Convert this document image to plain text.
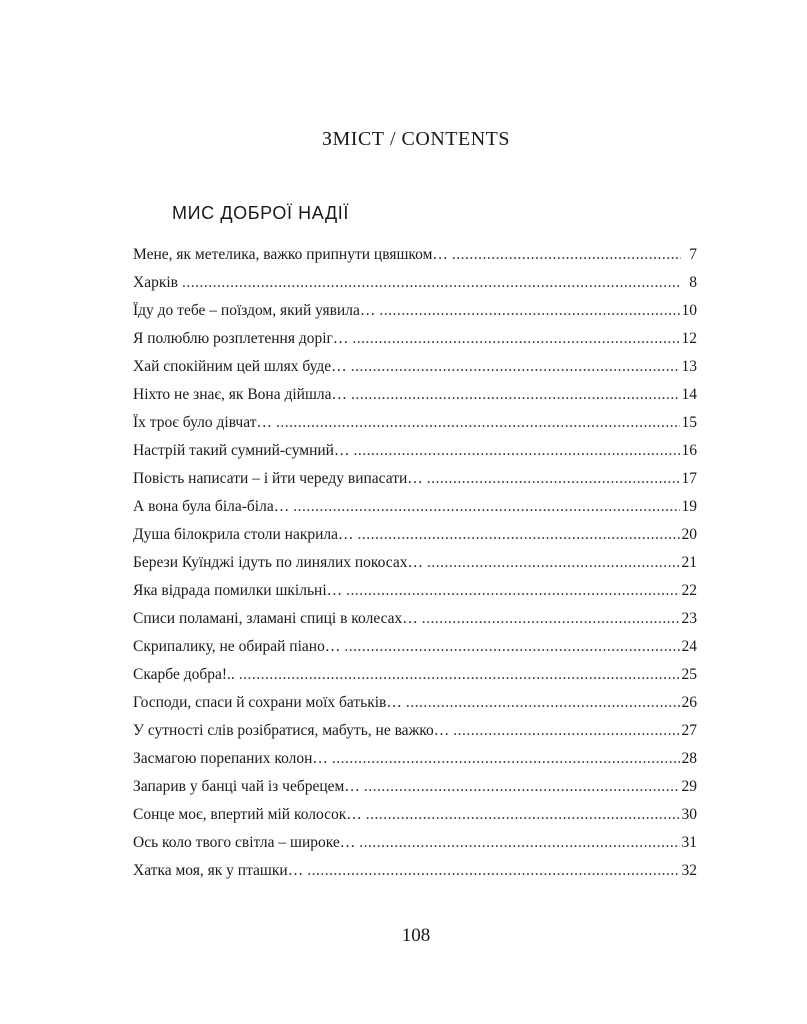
ЗМІСТ / CONTENTS
МИС ДОБРОЇ НАДІЇ
Мене, як метелика, важко припнути цвяшком… .....	7
Харків .....	8
Їду до тебе – поїздом, який уявила… .....	10
Я полюблю розплетення доріг… .....	12
Хай спокійним цей шлях буде… .....	13
Ніхто не знає, як Вона дійшла… .....	14
Їх троє було дівчат… .....	15
Настрій такий сумний-сумний… .....	16
Повість написати – і йти череду випасати… .....	17
А вона була біла-біла… .....	19
Душа білокрила столи накрила… .....	20
Берези Куїнджі ідуть по линялих покосах… .....	21
Яка відрада помилки шкільні… .....	22
Списи поламані, зламані спиці в колесах… .....	23
Скрипалику, не обирай піано… .....	24
Скарбе добра!.. .....	25
Господи, спаси й сохрани моїх батьків… .....	26
У сутності слів розібратися, мабуть, не важко… .....	27
Засмагою порепаних колон… .....	28
Запарив у банці чай із чебрецем… .....	29
Сонце моє, впертий мій колосок… .....	30
Ось коло твого світла – широке… .....	31
Хатка моя, як у пташки… .....	32
108
